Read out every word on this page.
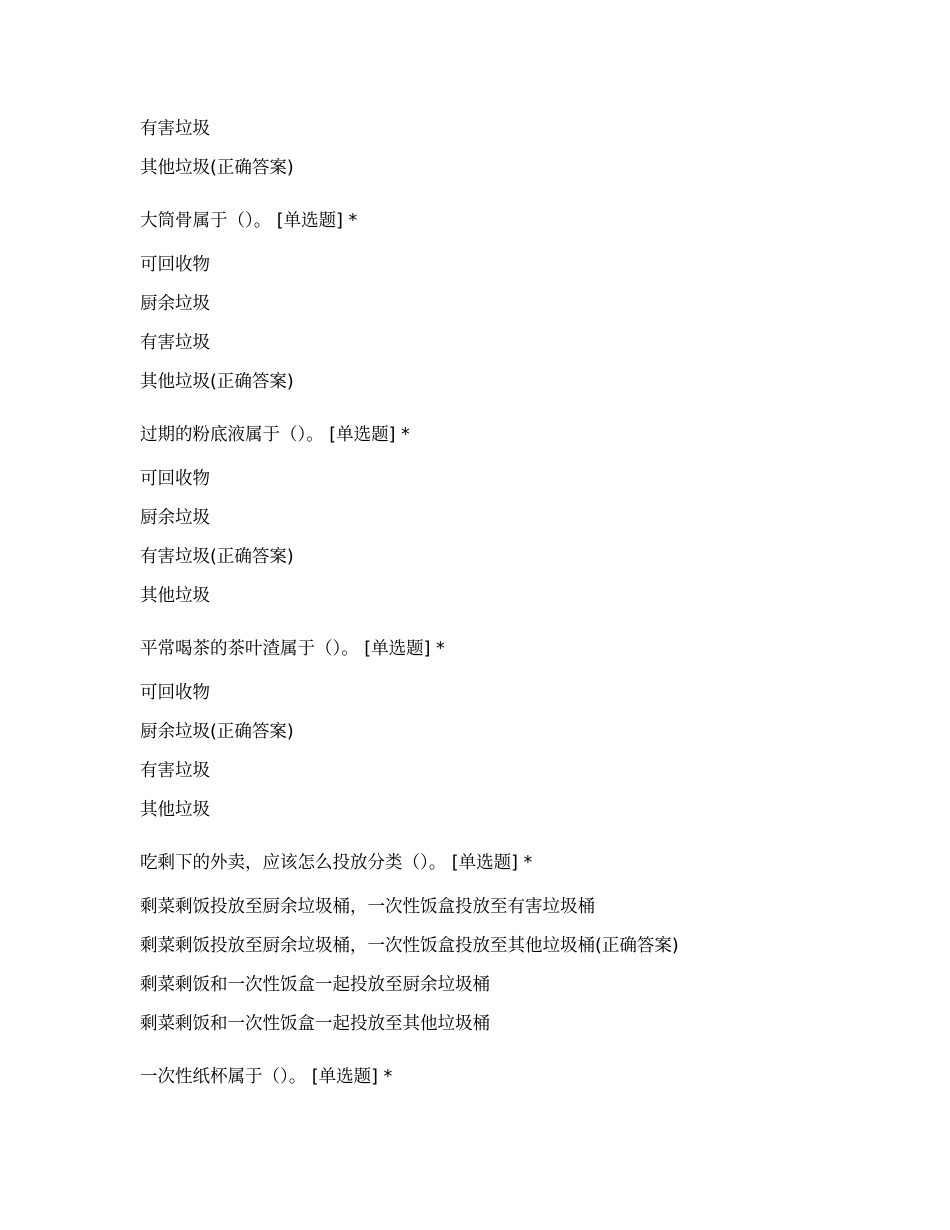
有害垃圾
其他垃圾(正确答案)
大筒骨属于（）。 [单选题] *
可回收物
厨余垃圾
有害垃圾
其他垃圾(正确答案)
过期的粉底液属于（）。 [单选题] *
可回收物
厨余垃圾
有害垃圾(正确答案)
其他垃圾
平常喝茶的茶叶渣属于（）。 [单选题] *
可回收物
厨余垃圾(正确答案)
有害垃圾
其他垃圾
吃剩下的外卖，应该怎么投放分类（）。 [单选题] *
剩菜剩饭投放至厨余垃圾桶，一次性饭盒投放至有害垃圾桶
剩菜剩饭投放至厨余垃圾桶，一次性饭盒投放至其他垃圾桶(正确答案)
剩菜剩饭和一次性饭盒一起投放至厨余垃圾桶
剩菜剩饭和一次性饭盒一起投放至其他垃圾桶
一次性纸杯属于（）。 [单选题] *
